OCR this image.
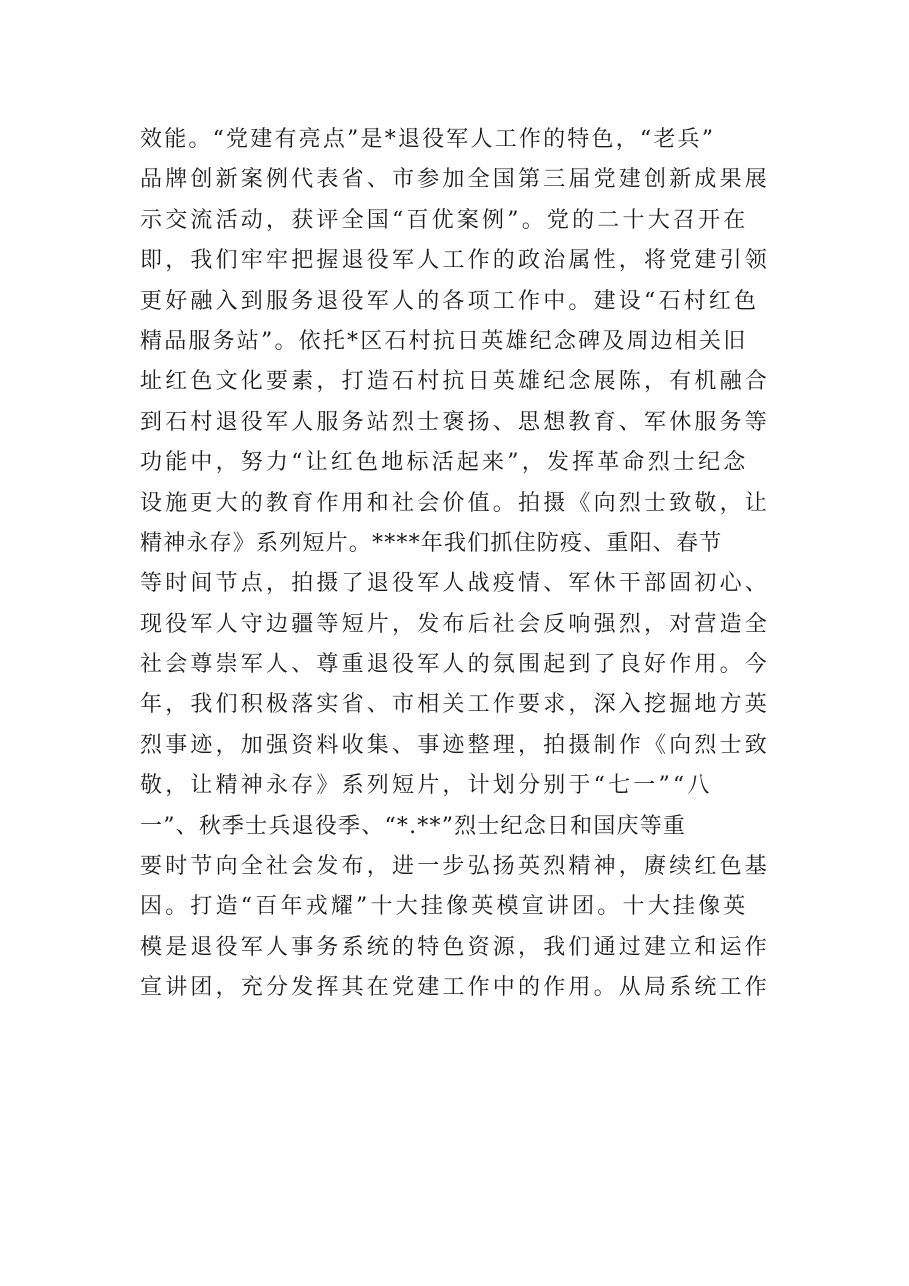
效能。“党建有亮点”是*退役军人工作的特色，“老兵”
品牌创新案例代表省、市参加全国第三届党建创新成果展
示交流活动，获评全国“百优案例”。党的二十大召开在
即，我们牢牢把握退役军人工作的政治属性，将党建引领
更好融入到服务退役军人的各项工作中。建设“石村红色
精品服务站”。依托*区石村抗日英雄纪念碑及周边相关旧
址红色文化要素，打造石村抗日英雄纪念展陈，有机融合
到石村退役军人服务站烈士褒扬、思想教育、军休服务等
功能中，努力“让红色地标活起来”，发挥革命烈士纪念
设施更大的教育作用和社会价值。拍摄《向烈士致敬，让
精神永存》系列短片。****年我们抓住防疫、重阳、春节
等时间节点，拍摄了退役军人战疫情、军休干部固初心、
现役军人守边疆等短片，发布后社会反响强烈，对营造全
社会尊崇军人、尊重退役军人的氛围起到了良好作用。今
年，我们积极落实省、市相关工作要求，深入挖掘地方英
烈事迹，加强资料收集、事迹整理，拍摄制作《向烈士致
敬，让精神永存》系列短片，计划分别于“七一”“八
一”、秋季士兵退役季、“*.**”烈士纪念日和国庆等重
要时节向全社会发布，进一步弘扬英烈精神，赓续红色基
因。打造“百年戎耀”十大挂像英模宣讲团。十大挂像英
模是退役军人事务系统的特色资源，我们通过建立和运作
宣讲团，充分发挥其在党建工作中的作用。从局系统工作
